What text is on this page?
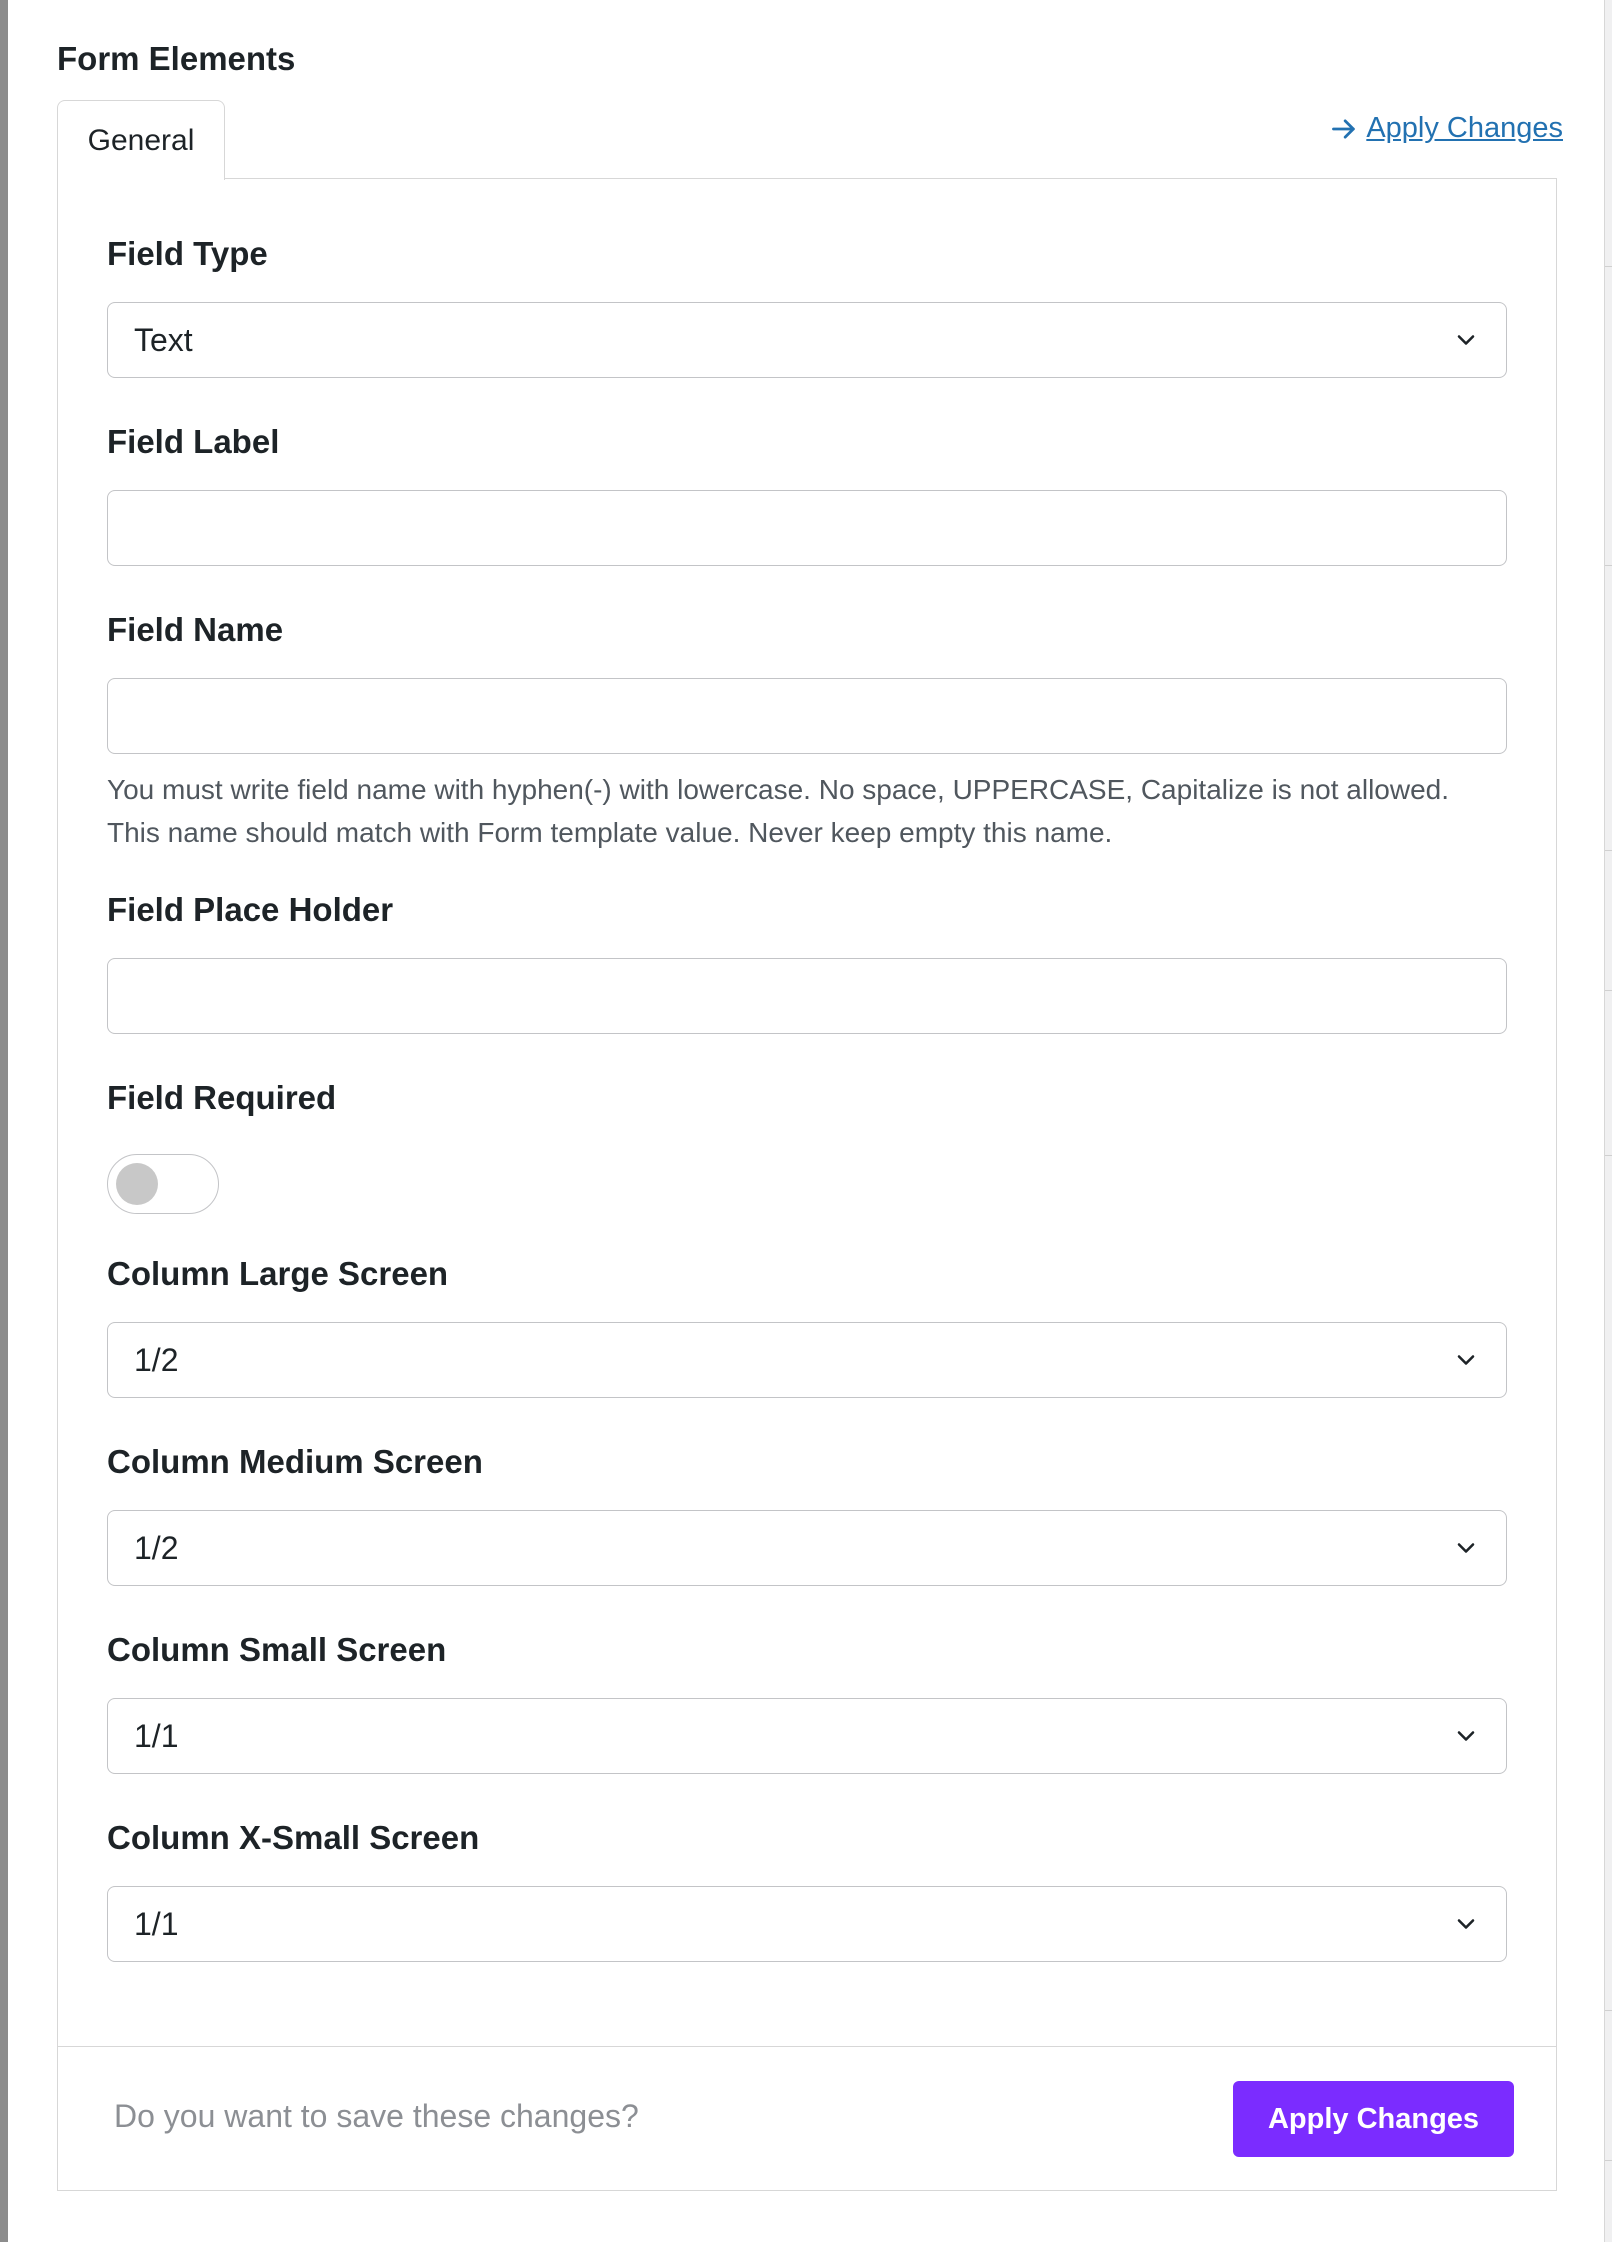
Form Elements
General	Apply Changes
Field Type
Text
Field Label
Field Name
You must write field name with hyphen(-) with lowercase. No space, UPPERCASE, Capitalize is not allowed.
This name should match with Form template value. Never keep empty this name.
Field Place Holder
Field Required
Column Large Screen
1/2
Column Medium Screen
1/2
Column Small Screen
1/1
Column X-Small Screen
1/1
Do you want to save these changes?	Apply Changes
